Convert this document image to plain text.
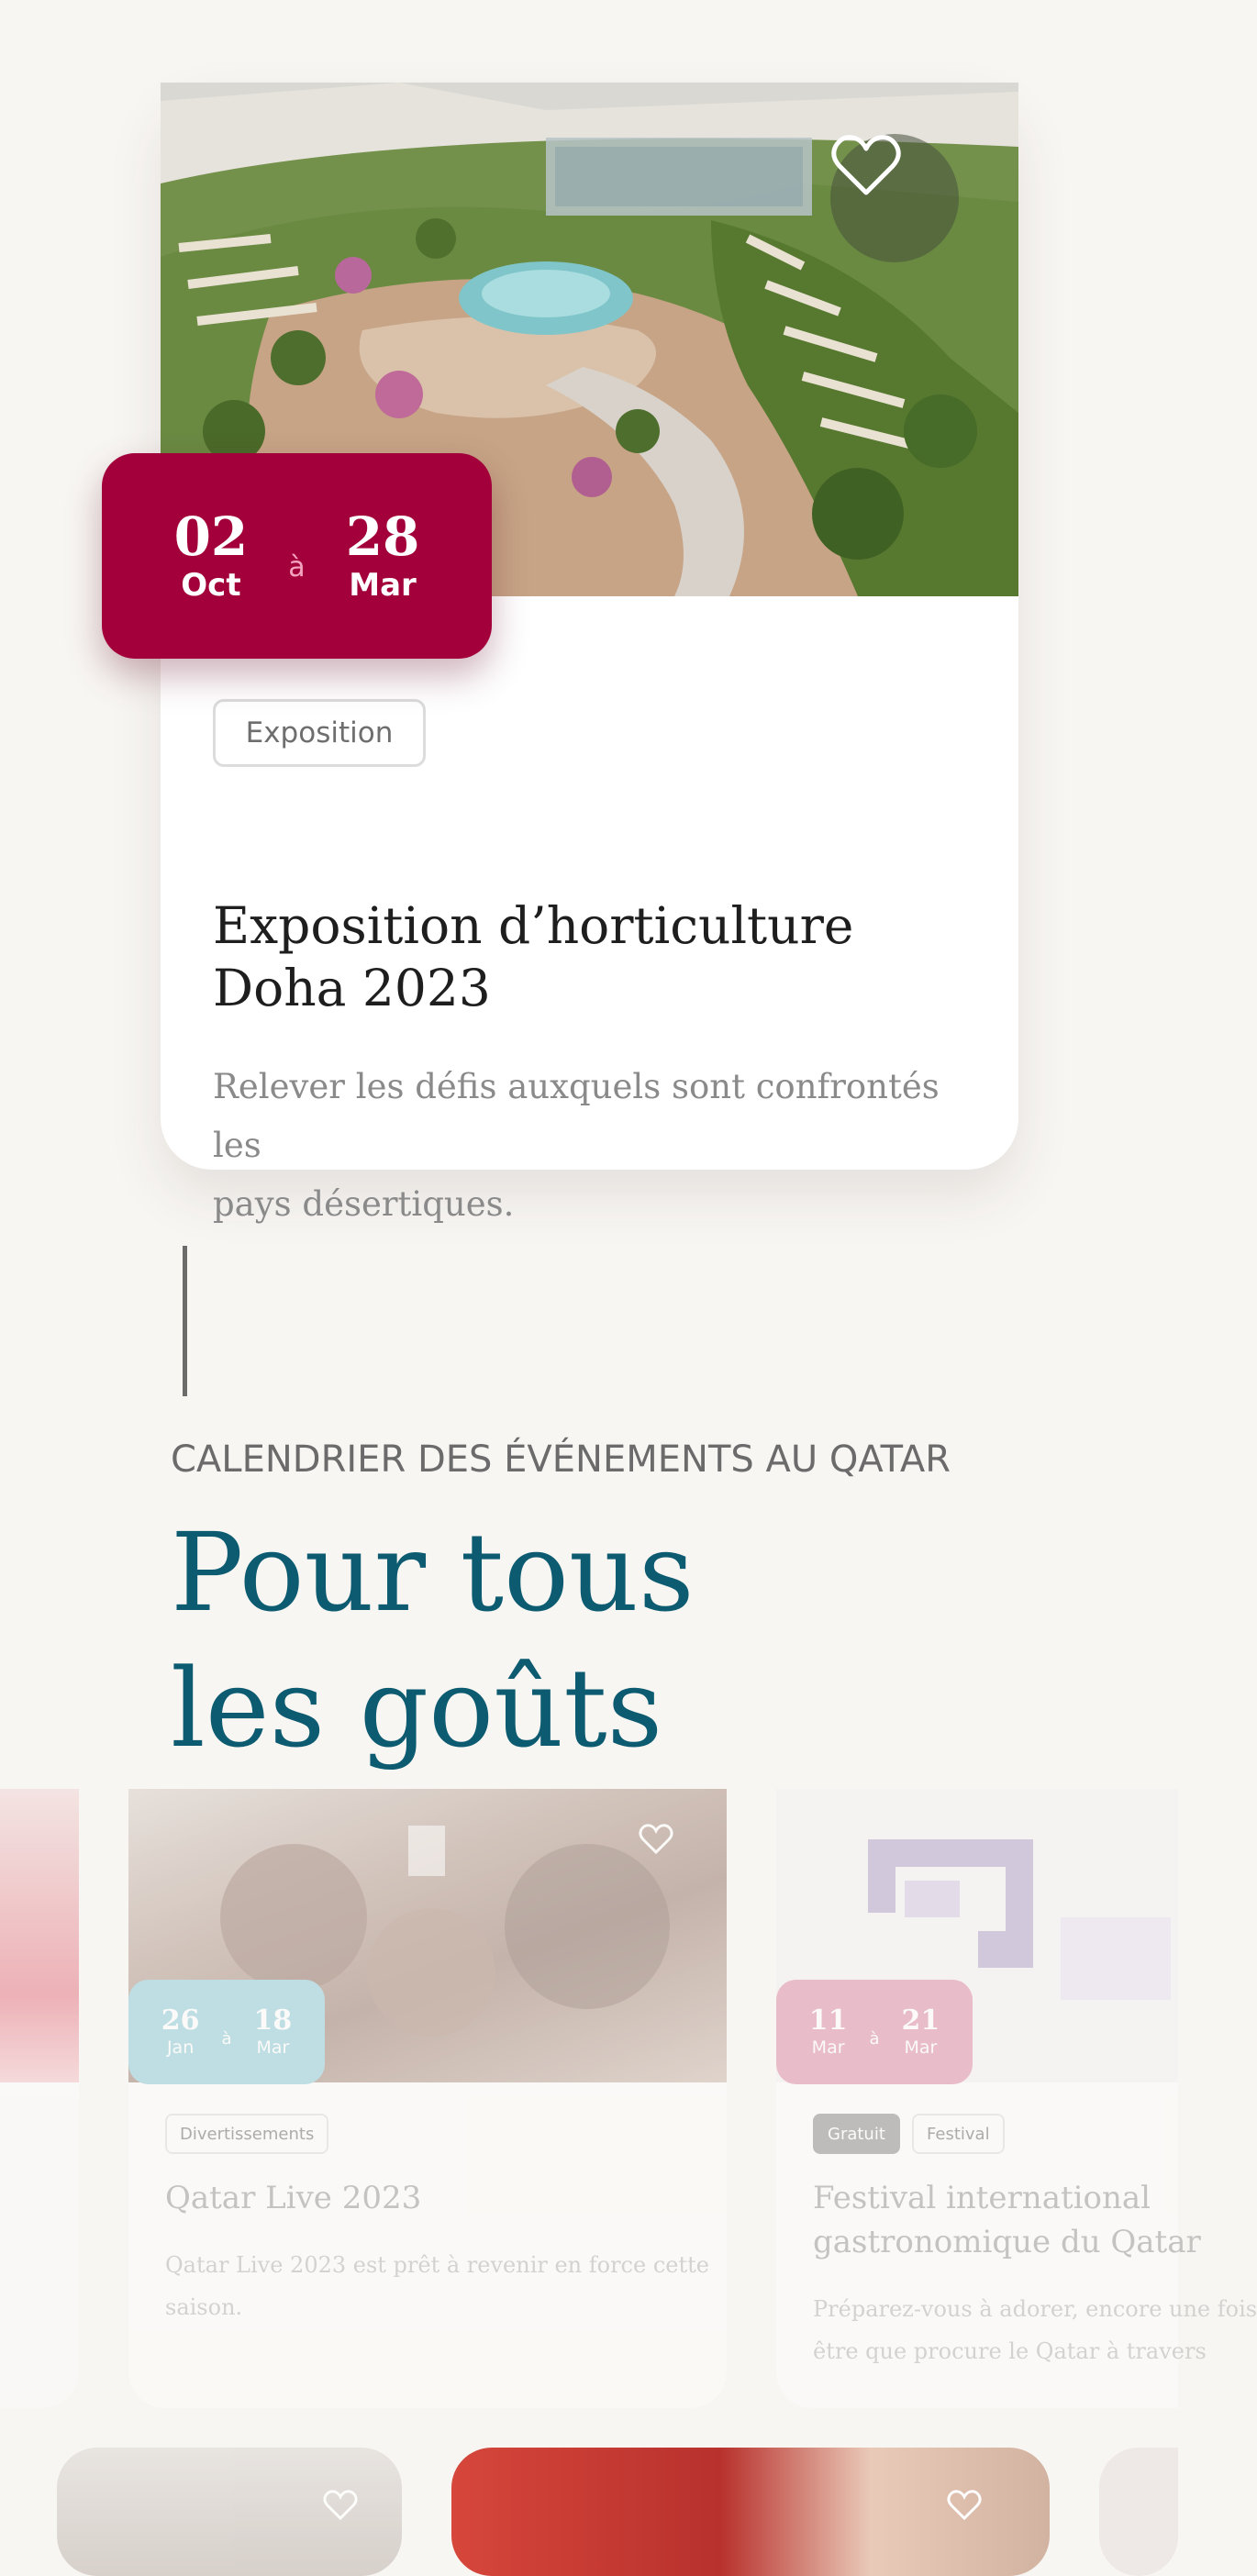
Exposition
Exposition d’horticulture
Doha 2023
Relever les défis auxquels sont confrontés les
pays désertiques.
02
Oct à 28
Mar
CALENDRIER DES ÉVÉNEMENTS AU QATAR
Pour tous
les goûts
26
Jan à
18
Mar
Divertissements
Qatar Live 2023
Qatar Live 2023 est prêt à revenir en force cette
saison.
11
Mar à
21
Mar
Gratuit	Festival
Festival international
gastronomique du Qatar
Préparez-vous à adorer, encore une fois
être que procure le Qatar à travers
